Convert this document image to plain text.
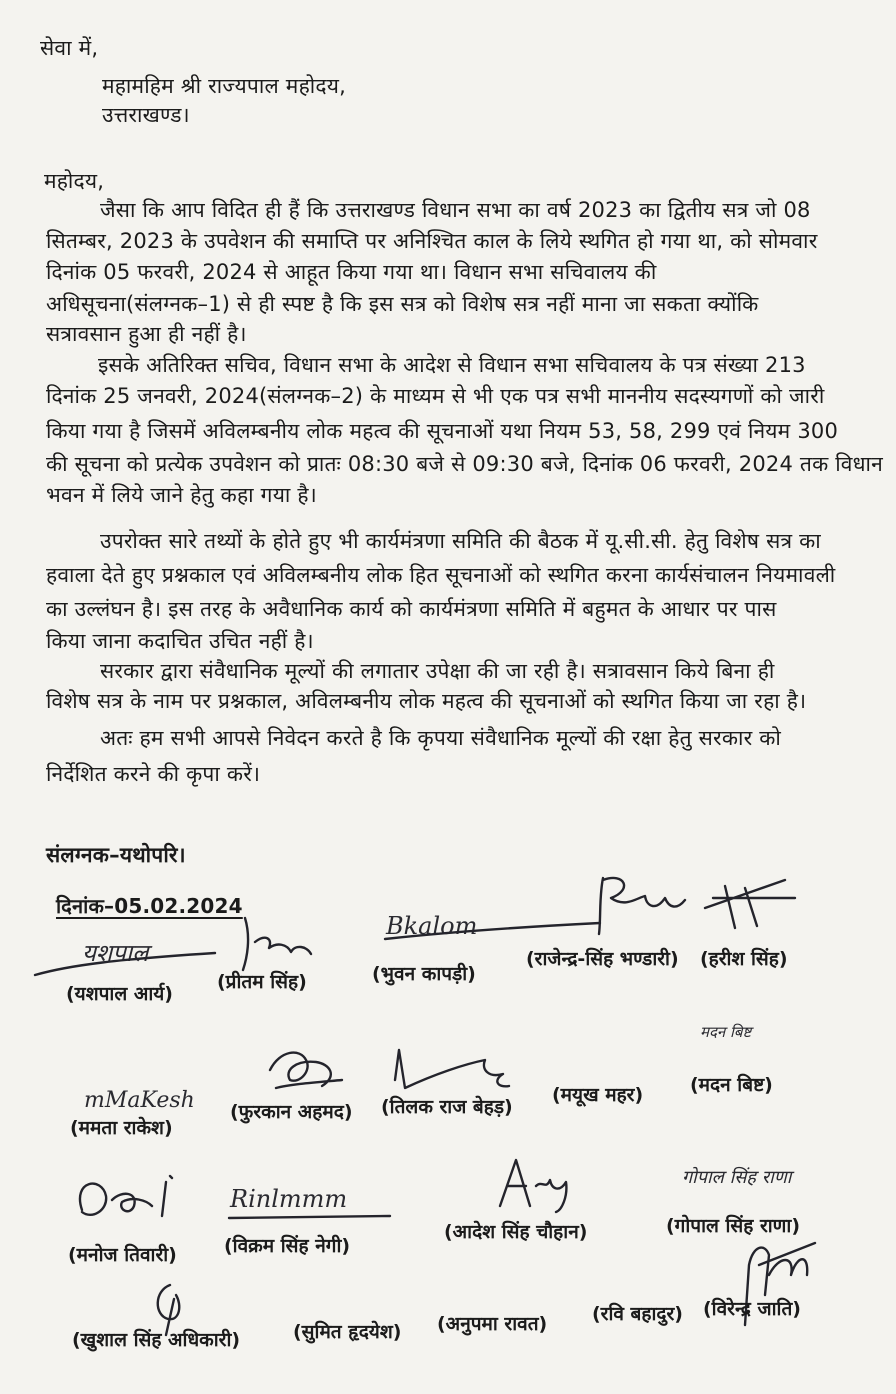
सेवा में,
महामहिम श्री राज्यपाल महोदय,
उत्तराखण्ड।
महोदय,
जैसा कि आप विदित ही हैं कि उत्तराखण्ड विधान सभा का वर्ष 2023 का द्वितीय सत्र जो 08
सितम्बर, 2023 के उपवेशन की समाप्ति पर अनिश्चित काल के लिये स्थगित हो गया था, को सोमवार
दिनांक 05 फरवरी, 2024 से आहूत किया गया था। विधान सभा सचिवालय की
अधिसूचना(संलग्नक–1) से ही स्पष्ट है कि इस सत्र को विशेष सत्र नहीं माना जा सकता क्योंकि
सत्रावसान हुआ ही नहीं है।
इसके अतिरिक्त सचिव, विधान सभा के आदेश से विधान सभा सचिवालय के पत्र संख्या 213
दिनांक 25 जनवरी, 2024(संलग्नक–2) के माध्यम से भी एक पत्र सभी माननीय सदस्यगणों को जारी
किया गया है जिसमें अविलम्बनीय लोक महत्व की सूचनाओं यथा नियम 53, 58, 299 एवं नियम 300
की सूचना को प्रत्येक उपवेशन को प्रातः 08:30 बजे से 09:30 बजे, दिनांक 06 फरवरी, 2024 तक विधान
भवन में लिये जाने हेतु कहा गया है।
उपरोक्त सारे तथ्यों के होते हुए भी कार्यमंत्रणा समिति की बैठक में यू.सी.सी. हेतु विशेष सत्र का
हवाला देते हुए प्रश्नकाल एवं अविलम्बनीय लोक हित सूचनाओं को स्थगित करना कार्यसंचालन नियमावली
का उल्लंघन है। इस तरह के अवैधानिक कार्य को कार्यमंत्रणा समिति में बहुमत के आधार पर पास
किया जाना कदाचित उचित नहीं है।
सरकार द्वारा संवैधानिक मूल्यों की लगातार उपेक्षा की जा रही है। सत्रावसान किये बिना ही
विशेष सत्र के नाम पर प्रश्नकाल, अविलम्बनीय लोक महत्व की सूचनाओं को स्थगित किया जा रहा है।
अतः हम सभी आपसे निवेदन करते है कि कृपया संवैधानिक मूल्यों की रक्षा हेतु सरकार को
निर्देशित करने की कृपा करें।
संलग्नक–यथोपरि।
दिनांक–05.02.2024
यशपाल
Bkalom
(यशपाल आर्य)
(प्रीतम सिंह)	(भुवन कापड़ी)
(राजेन्द्र-सिंह भण्डारी) (हरीश सिंह)
mMaKesh
मदन बिष्ट
(ममता राकेश)
(फुरकान अहमद) (तिलक राज बेहड़)
(मयूख महर) (मदन बिष्ट)
Rinlmmm
गोपाल सिंह राणा
(मनोज तिवारी) (विक्रम सिंह नेगी)
(आदेश सिंह चौहान)	(गोपाल सिंह राणा)
(खुशाल सिंह अधिकारी)	(सुमित हृदयेश) (अनुपमा रावत) (रवि बहादुर) (विरेन्द्र जाति)
